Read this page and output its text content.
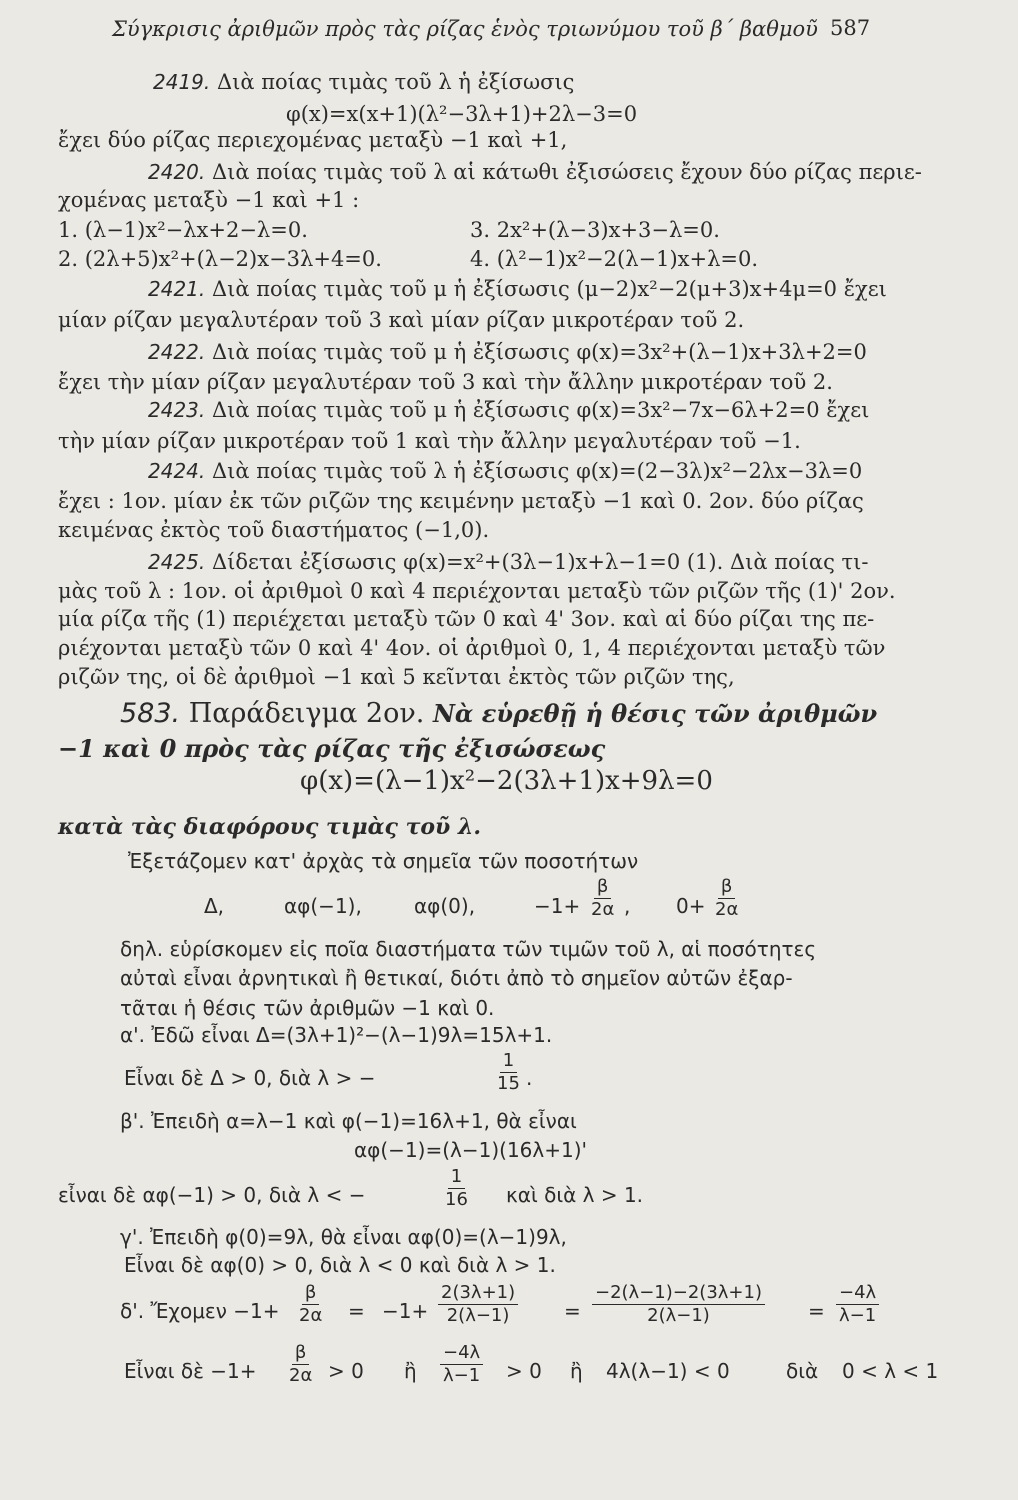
Σύγκρισις ἀριθμῶν πρὸς τὰς ρίζας ἑνὸς τριωνύμου τοῦ β΄ βαθμοῦ 587
2419. Διὰ ποίας τιμὰς τοῦ λ ἡ ἐξίσωσις
φ(x)=x(x+1)(λ²−3λ+1)+2λ−3=0
ἔχει δύο ρίζας περιεχομένας μεταξὺ −1 καὶ +1,
2420. Διὰ ποίας τιμὰς τοῦ λ αἱ κάτωθι ἐξισώσεις ἔχουν δύο ρίζας περιε-
χομένας μεταξὺ −1 καὶ +1 :
1. (λ−1)x²−λx+2−λ=0.	3. 2x²+(λ−3)x+3−λ=0.
2. (2λ+5)x²+(λ−2)x−3λ+4=0.	4. (λ²−1)x²−2(λ−1)x+λ=0.
2421. Διὰ ποίας τιμὰς τοῦ μ ἡ ἐξίσωσις (μ−2)x²−2(μ+3)x+4μ=0 ἔχει
μίαν ρίζαν μεγαλυτέραν τοῦ 3 καὶ μίαν ρίζαν μικροτέραν τοῦ 2.
2422. Διὰ ποίας τιμὰς τοῦ μ ἡ ἐξίσωσις φ(x)=3x²+(λ−1)x+3λ+2=0
ἔχει τὴν μίαν ρίζαν μεγαλυτέραν τοῦ 3 καὶ τὴν ἄλλην μικροτέραν τοῦ 2.
2423. Διὰ ποίας τιμὰς τοῦ μ ἡ ἐξίσωσις φ(x)=3x²−7x−6λ+2=0 ἔχει
τὴν μίαν ρίζαν μικροτέραν τοῦ 1 καὶ τὴν ἄλλην μεγαλυτέραν τοῦ −1.
2424. Διὰ ποίας τιμὰς τοῦ λ ἡ ἐξίσωσις φ(x)=(2−3λ)x²−2λx−3λ=0
ἔχει : 1ον. μίαν ἐκ τῶν ριζῶν της κειμένην μεταξὺ −1 καὶ 0. 2ον. δύο ρίζας
κειμένας ἐκτὸς τοῦ διαστήματος (−1,0).
2425. Δίδεται ἐξίσωσις φ(x)=x²+(3λ−1)x+λ−1=0 (1). Διὰ ποίας τι-
μὰς τοῦ λ : 1ον. οἱ ἀριθμοὶ 0 καὶ 4 περιέχονται μεταξὺ τῶν ριζῶν τῆς (1)' 2ον.
μία ρίζα τῆς (1) περιέχεται μεταξὺ τῶν 0 καὶ 4' 3ον. καὶ αἱ δύο ρίζαι της πε-
ριέχονται μεταξὺ τῶν 0 καὶ 4' 4ον. οἱ ἀριθμοὶ 0, 1, 4 περιέχονται μεταξὺ τῶν
ριζῶν της, οἱ δὲ ἀριθμοὶ −1 καὶ 5 κεῖνται ἐκτὸς τῶν ριζῶν της,
583. Παράδειγμα 2ον. Νὰ εὑρεθῇ ἡ θέσις τῶν ἀριθμῶν
−1 καὶ 0 πρὸς τὰς ρίζας τῆς ἐξισώσεως
φ(x)=(λ−1)x²−2(3λ+1)x+9λ=0
κατὰ τὰς διαφόρους τιμὰς τοῦ λ.
Ἐξετάζομεν κατ' ἀρχὰς τὰ σημεῖα τῶν ποσοτήτων
Δ,	αφ(−1),	αφ(0),	$-1+ \frac{\beta}{2\alpha}$ , $0+ \frac{\beta}{2\alpha}$
δηλ. εὑρίσκομεν εἰς ποῖα διαστήματα τῶν τιμῶν τοῦ λ, αἱ ποσότητες
αὐταὶ εἶναι ἀρνητικαὶ ἢ θετικαί, διότι ἀπὸ τὸ σημεῖον αὐτῶν ἐξαρ-
τᾶται ἡ θέσις τῶν ἀριθμῶν −1 καὶ 0.
α'. Ἐδῶ εἶναι Δ=(3λ+1)²−(λ−1)9λ=15λ+1.
Εἶναι δὲ Δ > 0, διὰ λ > −	$\frac{1}{15}$ .
β'. Ἐπειδὴ α=λ−1 καὶ φ(−1)=16λ+1, θὰ εἶναι
αφ(−1)=(λ−1)(16λ+1)'
εἶναι δὲ αφ(−1) > 0, διὰ λ < −	$\frac{1}{16}$ καὶ διὰ λ > 1.
γ'. Ἐπειδὴ φ(0)=9λ, θὰ εἶναι αφ(0)=(λ−1)9λ,
Εἶναι δὲ αφ(0) > 0, διὰ λ < 0 καὶ διὰ λ > 1.
δ'. Ἔχομεν $-1+ \frac{\beta}{2\alpha} = -1+ \frac{2(3\lambda+1)}{2(\lambda-1)} = \frac{-2(\lambda-1)-2(3\lambda+1)}{2(\lambda-1)} = \frac{-4\lambda}{\lambda-1}$
Εἶναι δὲ $-1+ \frac{\beta}{2\alpha} > 0$ ἢ $\frac{-4\lambda}{\lambda-1} > 0$ ἢ 4λ(λ−1) < 0	διὰ 0 < λ < 1
